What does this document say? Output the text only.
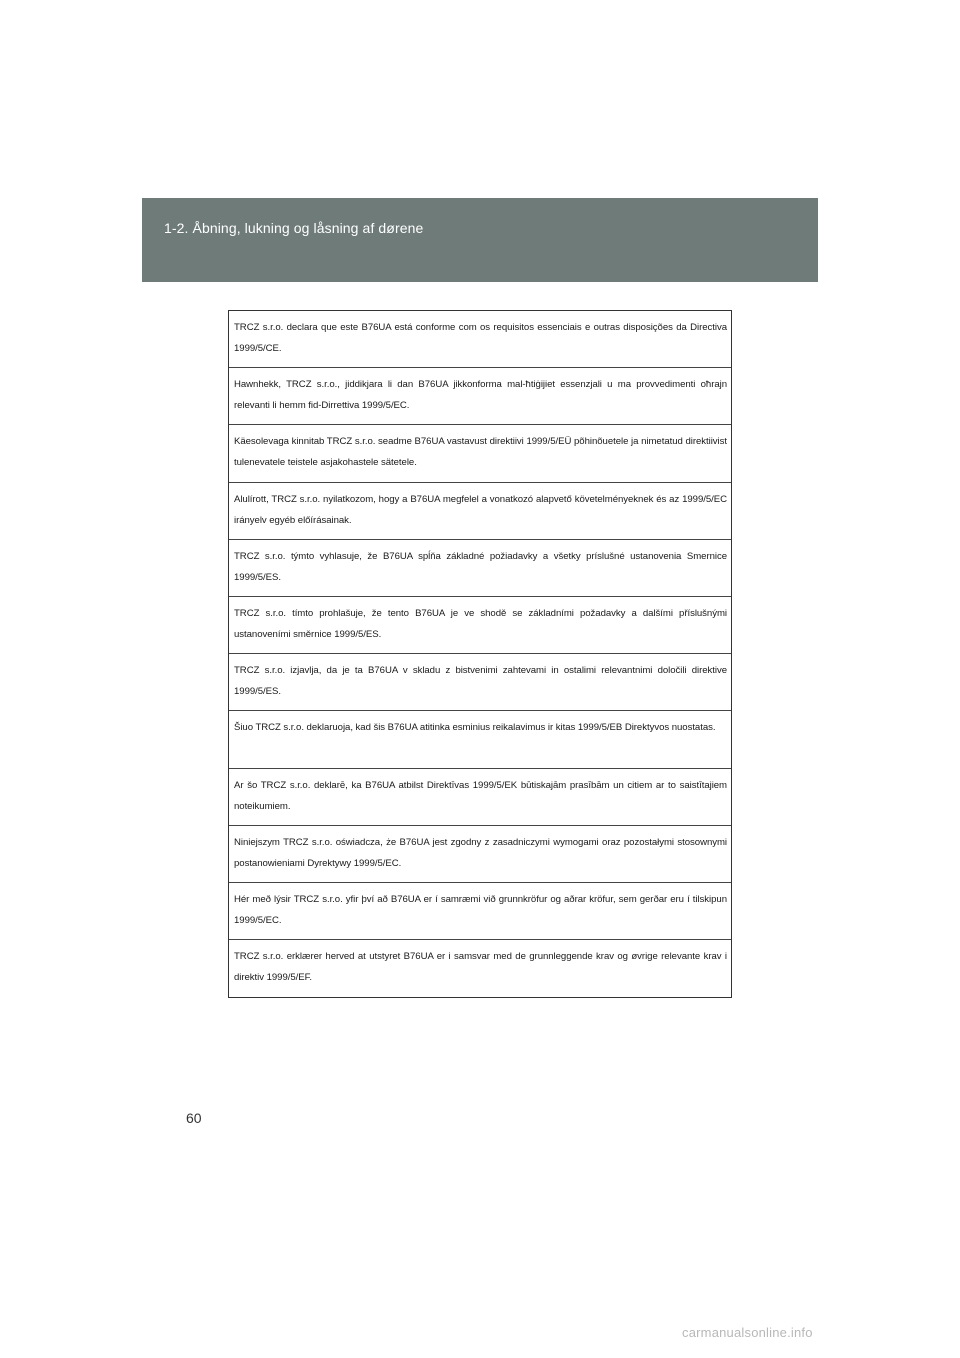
1-2. Åbning, lukning og låsning af dørene

TRCZ s.r.o. declara que este B76UA está conforme com os requisitos essenciais e outras disposições da Directiva 1999/5/CE.

Hawnhekk, TRCZ s.r.o., jiddikjara li dan B76UA jikkonforma mal-ħtiġijiet essenzjali u ma provvedimenti oħrajn relevanti li hemm fid-Dirrettiva 1999/5/EC.

Käesolevaga kinnitab TRCZ s.r.o. seadme B76UA vastavust direktiivi 1999/5/EÜ põhinõuetele ja nimetatud direktiivist tulenevatele teistele asjakohastele sätetele.

Alulírott, TRCZ s.r.o. nyilatkozom, hogy a B76UA megfelel a vonatkozó alapvető követelményeknek és az 1999/5/EC irányelv egyéb előírásainak.

TRCZ s.r.o. týmto vyhlasuje, že B76UA spĺňa základné požiadavky a všetky príslušné ustanovenia Smernice 1999/5/ES.

TRCZ s.r.o. tímto prohlašuje, že tento B76UA je ve shodě se základními požadavky a dalšími příslušnými ustanoveními směrnice 1999/5/ES.

TRCZ s.r.o. izjavlja, da je ta B76UA v skladu z bistvenimi zahtevami in ostalimi relevantnimi določili direktive 1999/5/ES.

Šiuo TRCZ s.r.o. deklaruoja, kad šis B76UA atitinka esminius reikalavimus ir kitas 1999/5/EB Direktyvos nuostatas.

Ar šo TRCZ s.r.o. deklarē, ka B76UA atbilst Direktīvas 1999/5/EK būtiskajām prasībām un citiem ar to saistītajiem noteikumiem.

Niniejszym TRCZ s.r.o. oświadcza, że B76UA jest zgodny z zasadniczymi wymogami oraz pozostałymi stosownymi postanowieniami Dyrektywy 1999/5/EC.

Hér með lýsir TRCZ s.r.o. yfir því að B76UA er í samræmi við grunnkröfur og aðrar kröfur, sem gerðar eru í tilskipun 1999/5/EC.

TRCZ s.r.o. erklærer herved at utstyret B76UA er i samsvar med de grunnleggende krav og øvrige relevante krav i direktiv 1999/5/EF.

60
carmanualsonline.info
